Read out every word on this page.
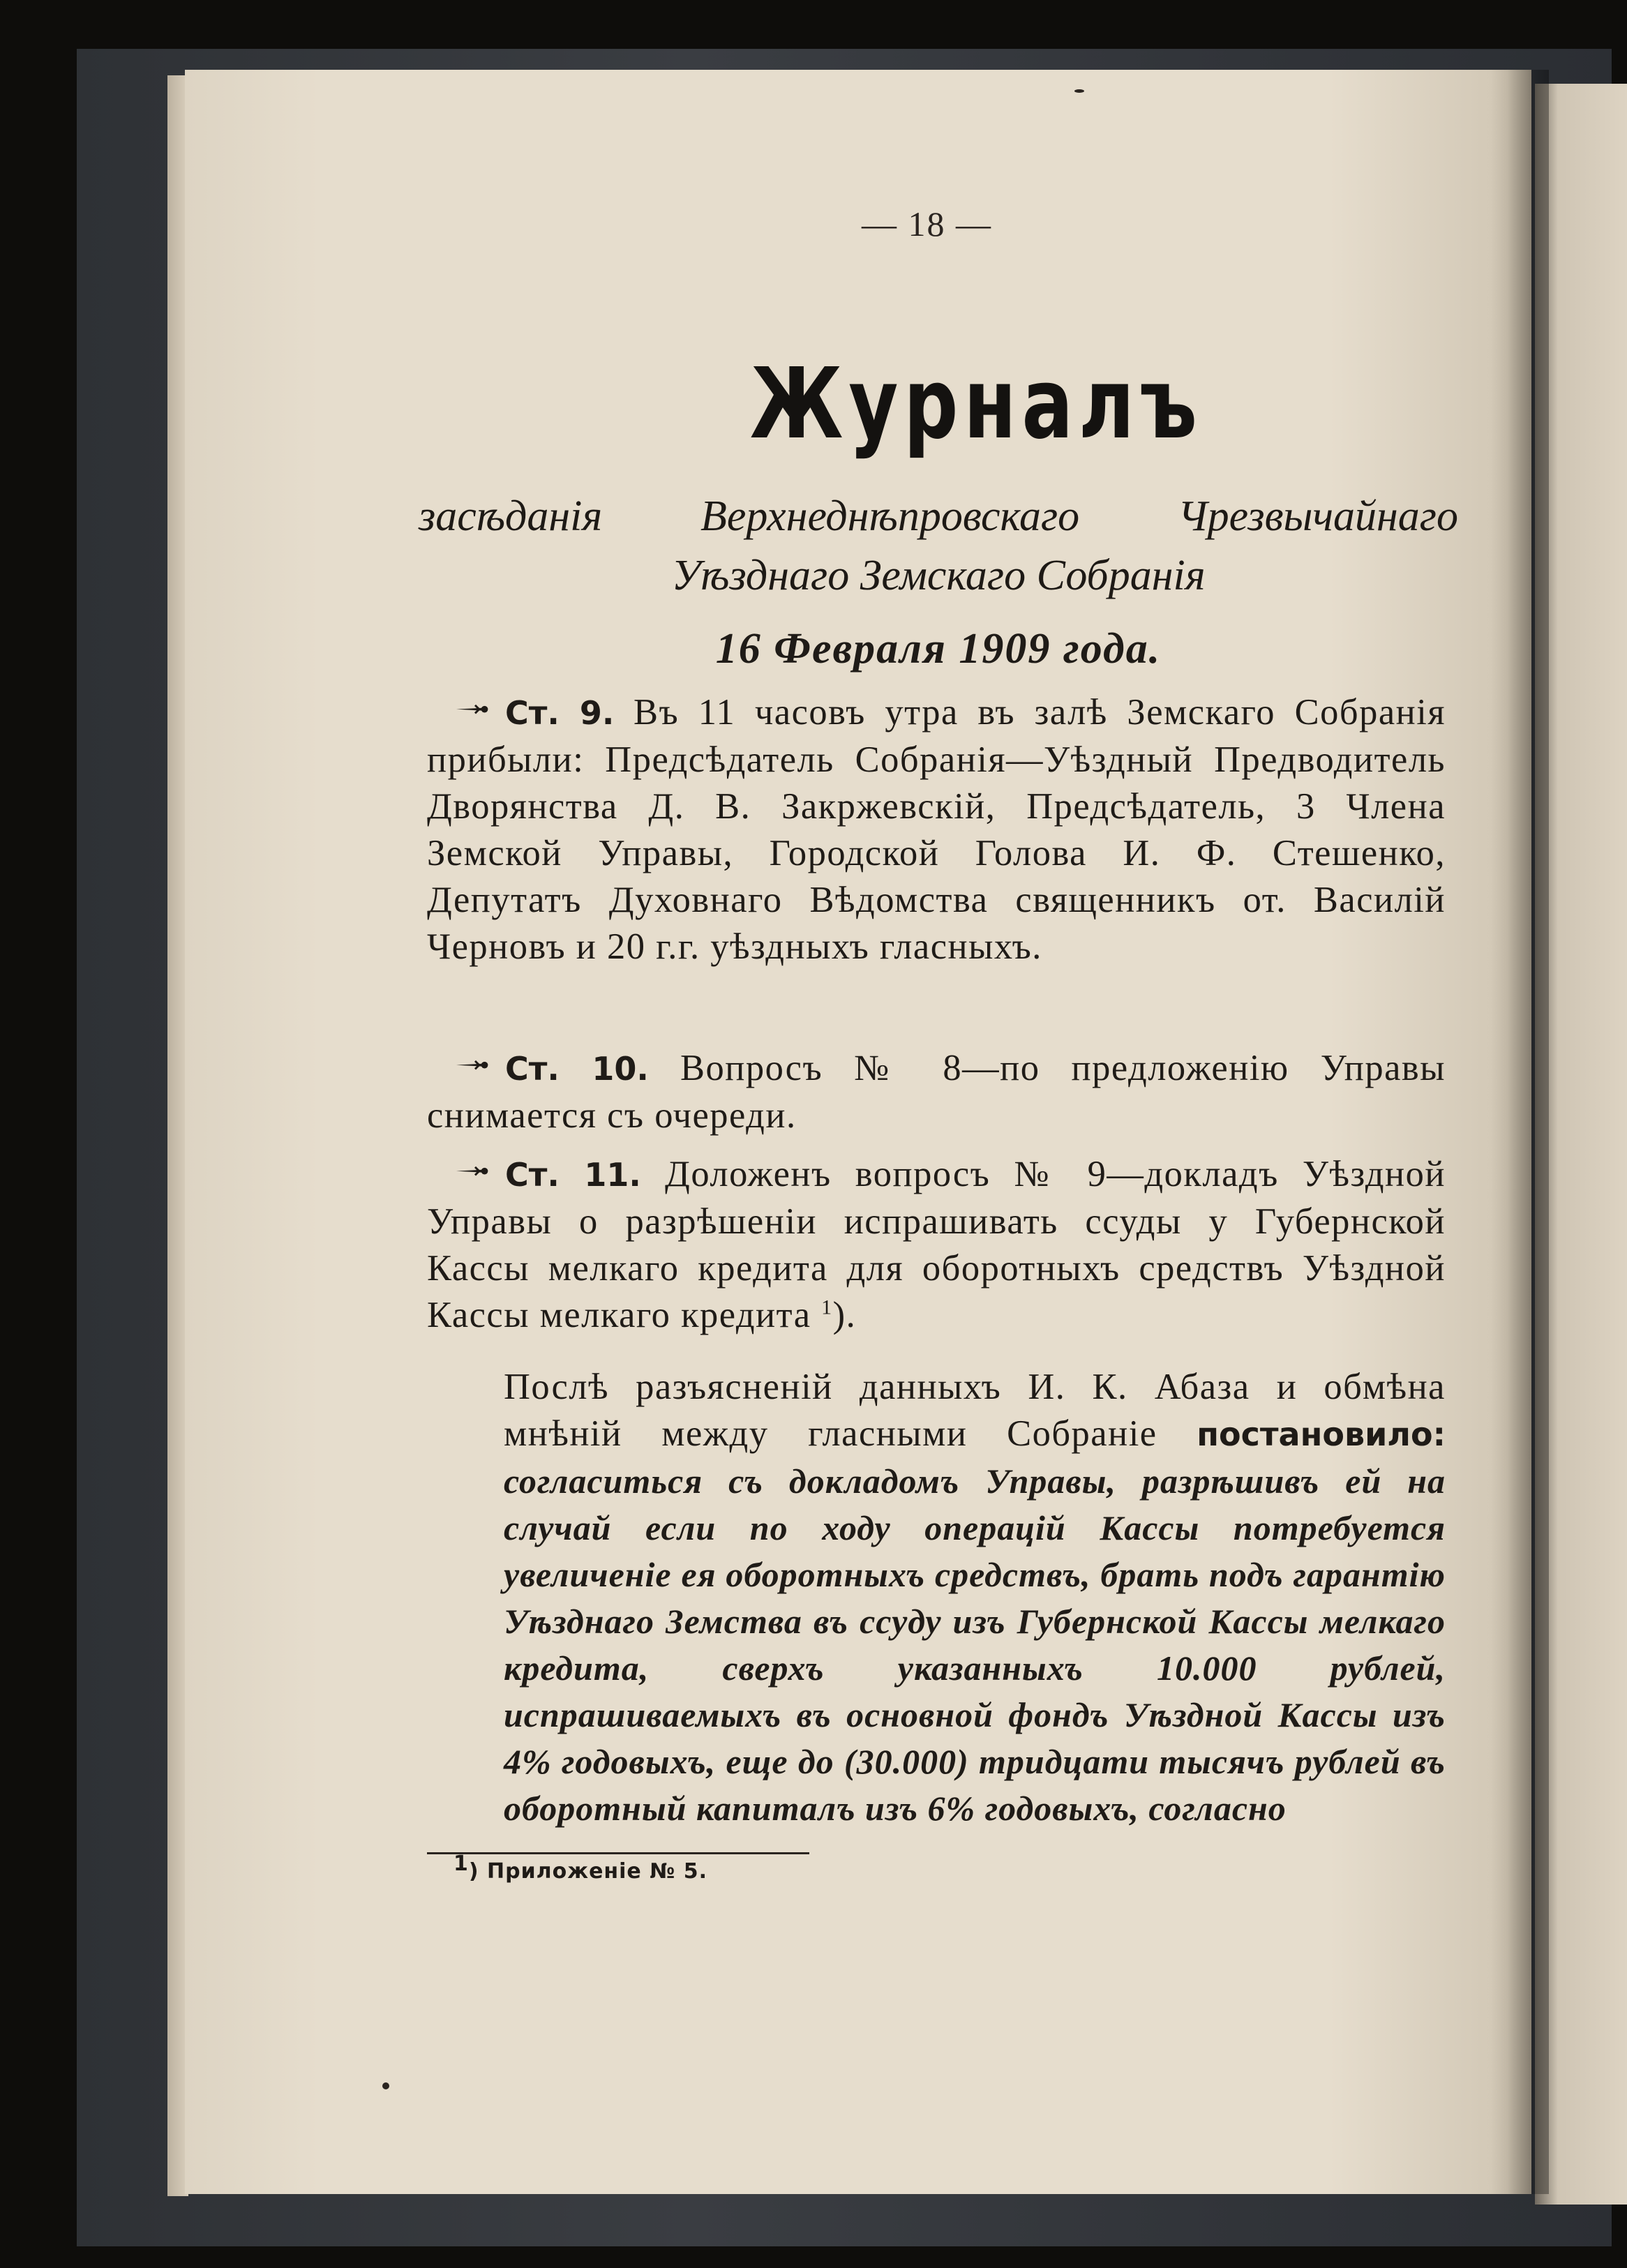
— 18 —
Журналъ
засѣданія Верхнеднѣпровскаго Чрезвычайнаго
Уѣзднаго Земскаго Собранія
16 Февраля 1909 года.

Ст. 9. Въ 11 часовъ утра въ залѣ Земскаго Собранія прибыли: Предсѣдатель Собранія—Уѣздный Предводитель Дворянства Д. В. Закржевскій, Предсѣдатель, 3 Члена Земской Управы, Городской Голова И. Ф. Стешенко, Депутатъ Духовнаго Вѣдомства священникъ от. Василій Черновъ и 20 г.г. уѣздныхъ гласныхъ.

Ст. 10. Вопросъ № 8—по предложенію Управы снимается съ очереди.

Ст. 11. Доложенъ вопросъ № 9—докладъ Уѣздной Управы о разрѣшеніи испрашивать ссуды у Губернской Кассы мелкаго кредита для оборотныхъ средствъ Уѣздной Кассы мелкаго кредита $^1$).

Послѣ разъясненій данныхъ И. К. Абаза и обмѣна мнѣній между гласными Собраніе постановило: согласиться съ докладомъ Управы, разрѣшивъ ей на случай если по ходу операцій Кассы потребуется увеличеніе ея оборотныхъ средствъ, брать подъ гарантію Уѣзднаго Земства въ ссуду изъ Губернской Кассы мелкаго кредита, сверхъ указанныхъ 10.000 рублей, испрашиваемыхъ въ основной фондъ Уѣздной Кассы изъ 4% годовыхъ, еще до (30.000) тридцати тысячъ рублей въ оборотный капиталъ изъ 6% годовыхъ, согласно

$^1$) Приложеніе № 5.
